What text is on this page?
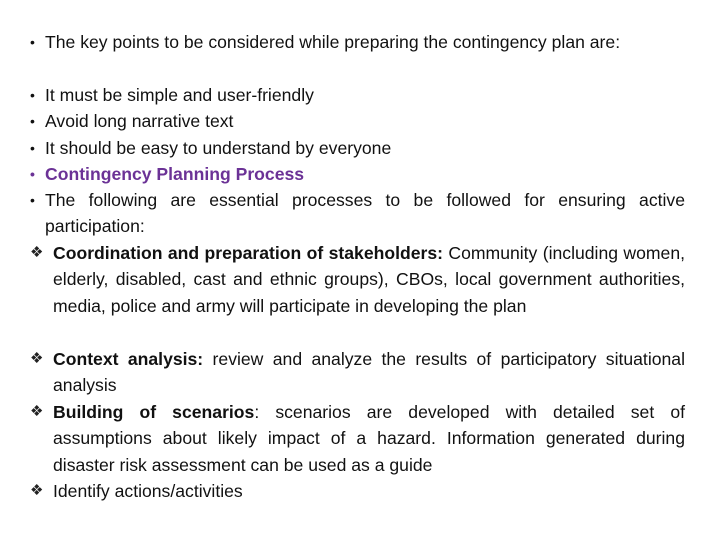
• The key points to be considered while preparing the contingency plan are:
• It must be simple and user-friendly
• Avoid long narrative text
• It should be easy to understand by everyone
• Contingency Planning Process
• The following are essential processes to be followed for ensuring active participation:
❖ Coordination and preparation of stakeholders: Community (including women, elderly, disabled, cast and ethnic groups), CBOs, local government authorities, media, police and army will participate in developing the plan
❖ Context analysis: review and analyze the results of participatory situational analysis
❖ Building of scenarios: scenarios are developed with detailed set of assumptions about likely impact of a hazard. Information generated during disaster risk assessment can be used as a guide
❖ Identify actions/activities
